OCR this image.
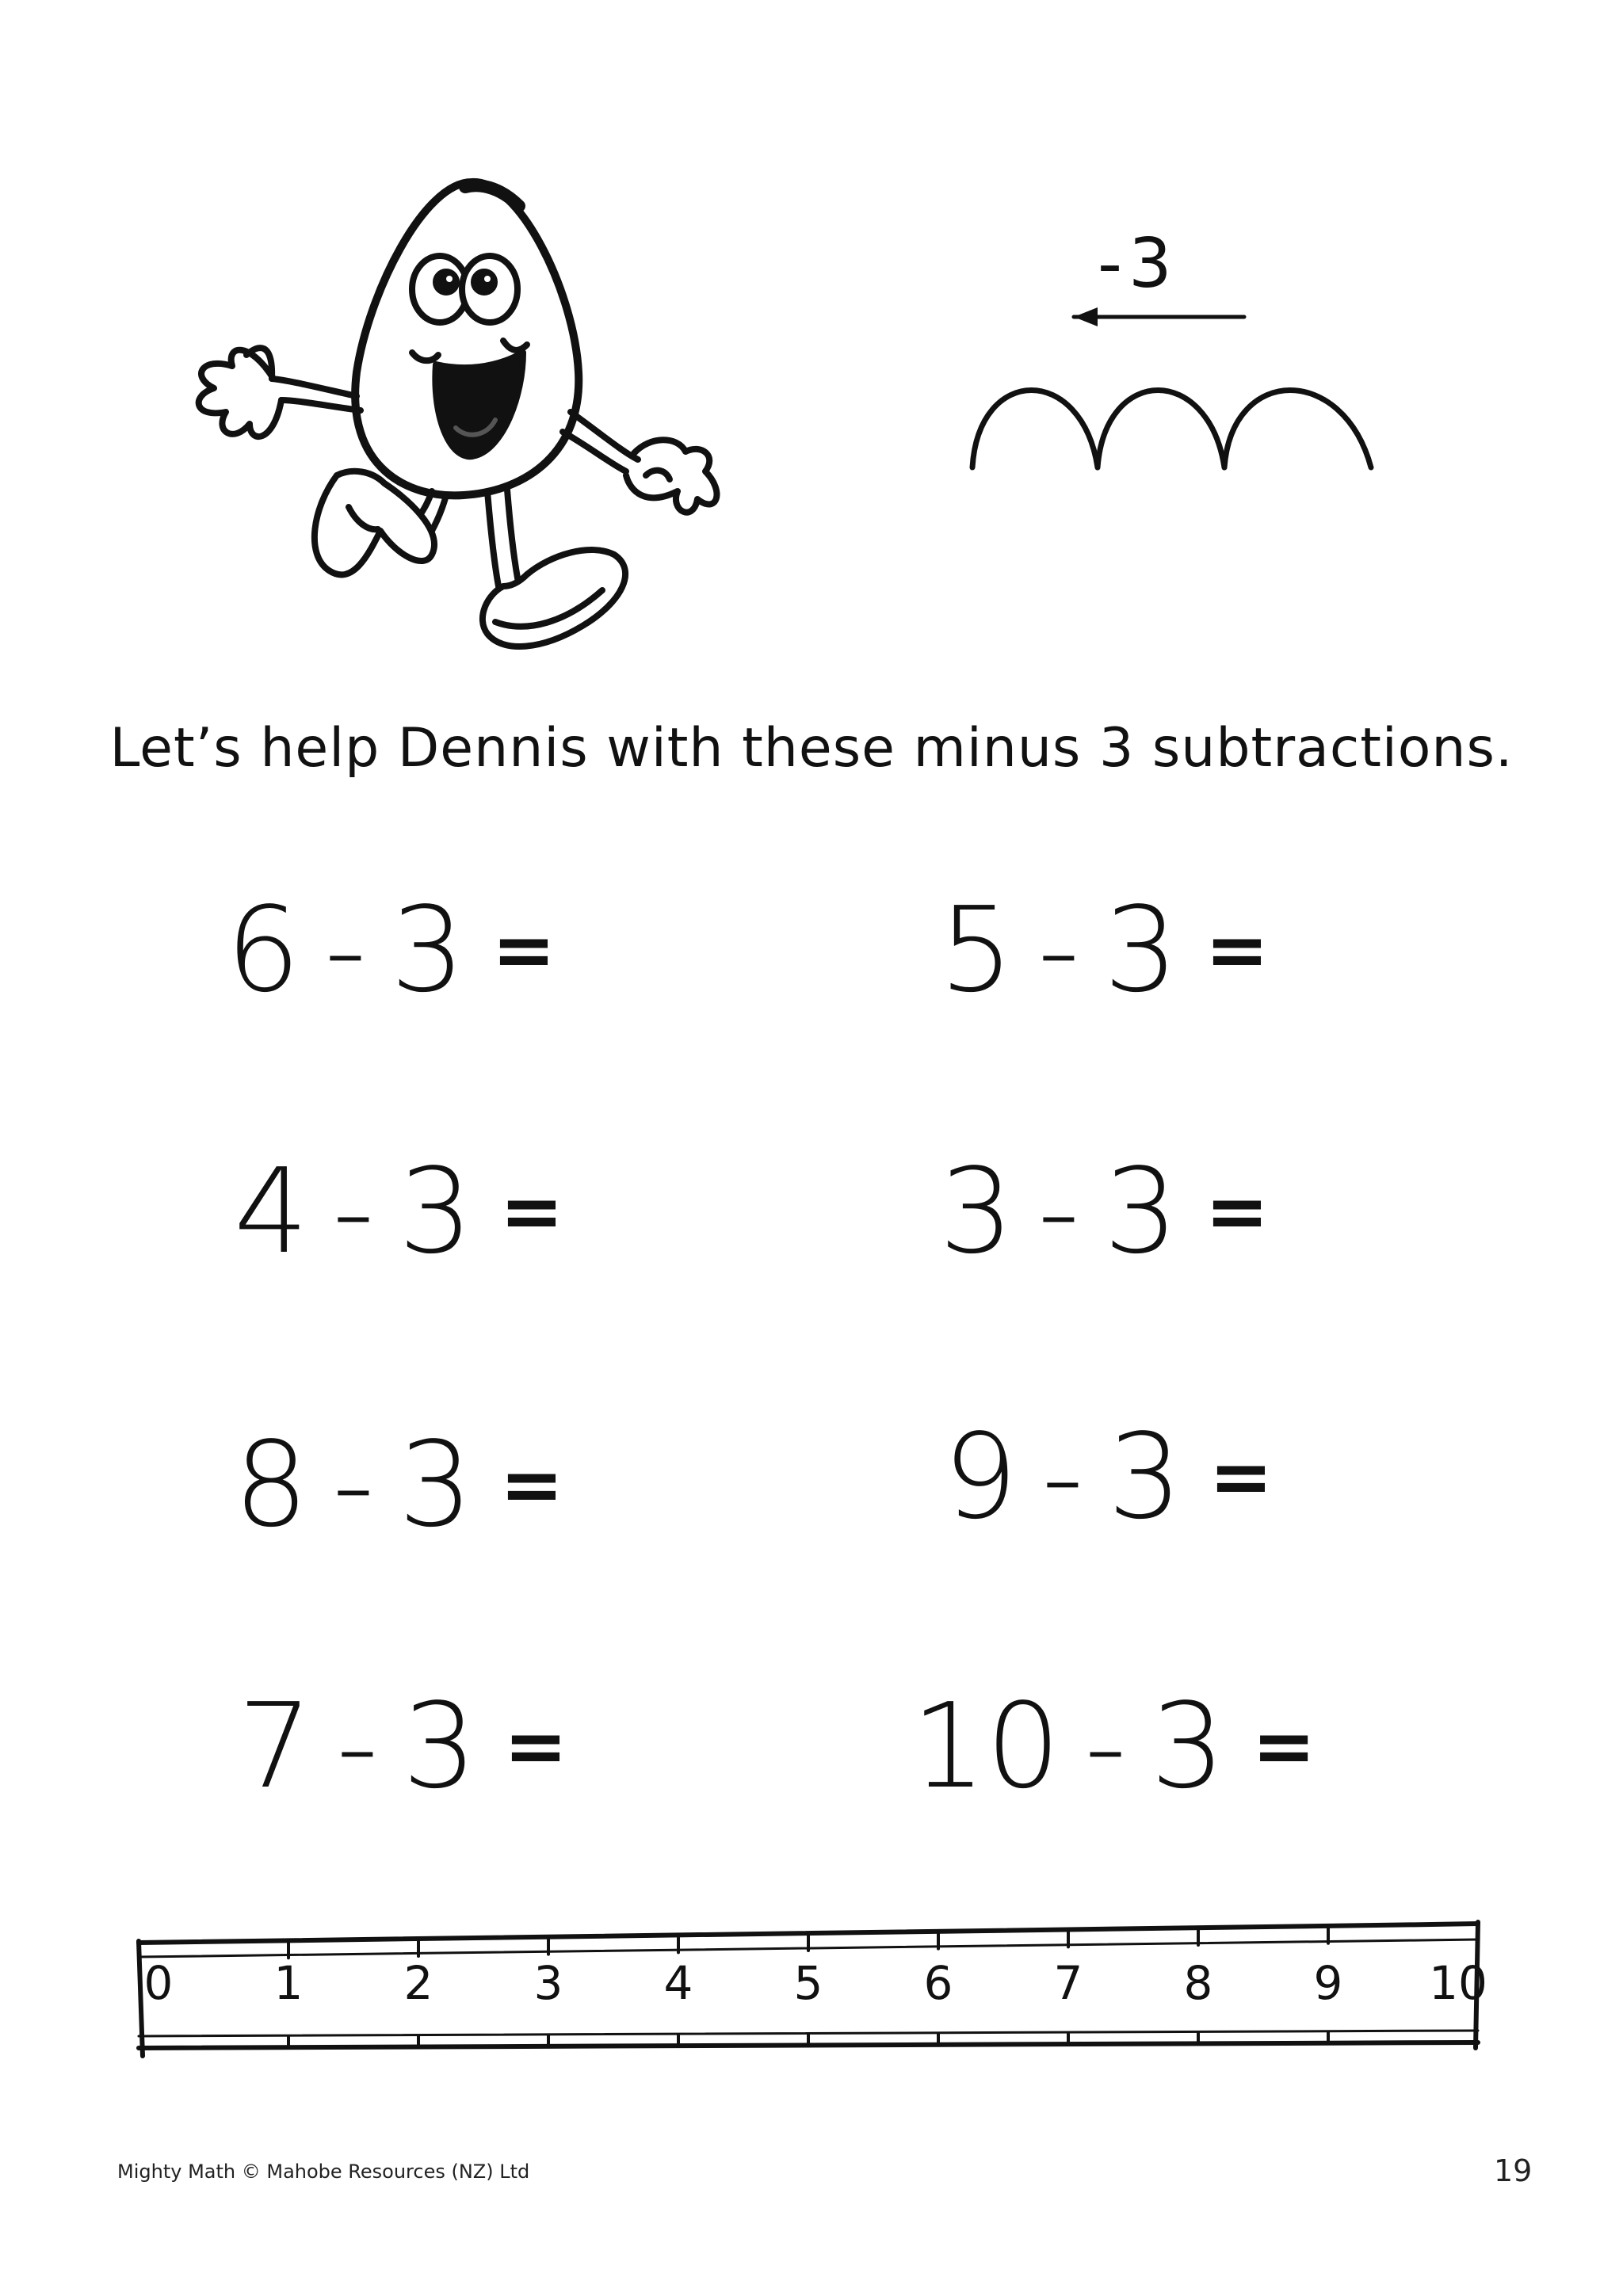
-3
Let’s help Dennis with these minus 3 subtractions.
6 - 3 =	5 - 3 =
4 - 3 =	3 - 3 =
8 - 3 =	9 - 3 =
7 - 3 =	10 - 3 =
0 1 2 3 4 5 6 7 8 9 10
Mighty Math © Mahobe Resources (NZ) Ltd	19
